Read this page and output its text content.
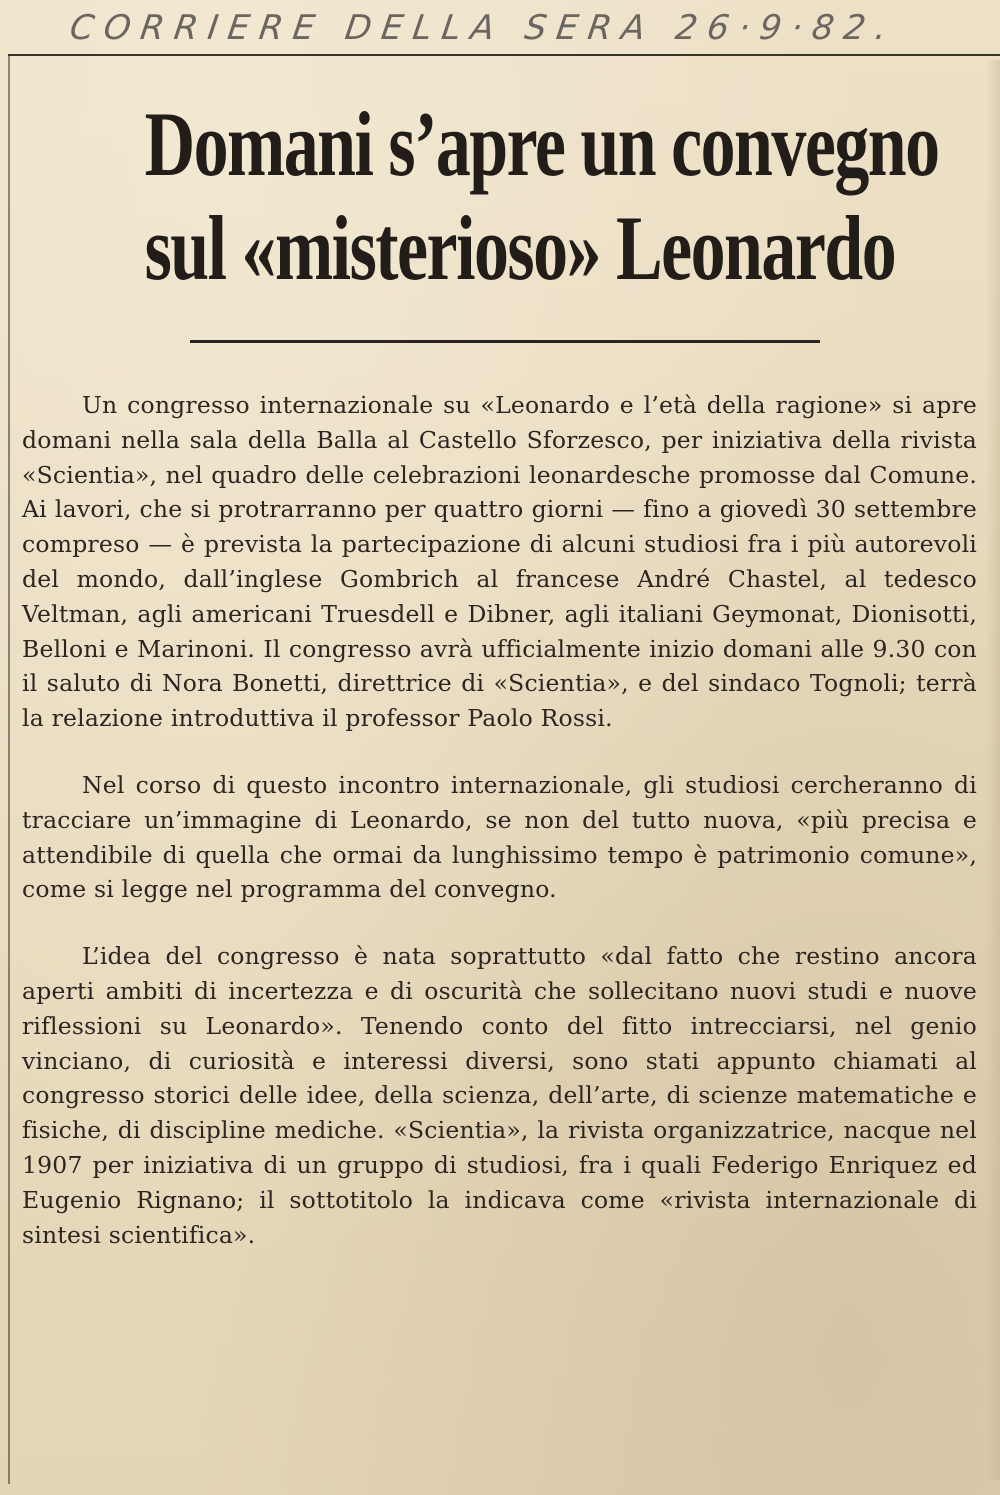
CORRIERE DELLA SERA 26·9·82.
Domani s’apre un convegno
sul «misterioso» Leonardo

Un congresso internazionale su «Leonardo e l’età della ragione» si apre domani nella sala della Balla al Castello Sforzesco, per iniziativa della rivista «Scientia», nel quadro delle celebrazioni leonardesche promosse dal Comune. Ai lavori, che si protrarranno per quattro giorni — fino a giovedì 30 settembre compreso — è prevista la partecipazione di alcuni studiosi fra i più autorevoli del mondo, dall’inglese Gombrich al francese André Chastel, al tedesco Veltman, agli americani Truesdell e Dibner, agli italiani Geymonat, Dionisotti, Belloni e Marinoni. Il congresso avrà ufficialmente inizio domani alle 9.30 con il saluto di Nora Bonetti, direttrice di «Scientia», e del sindaco Tognoli; terrà la relazione introduttiva il professor Paolo Rossi.

Nel corso di questo incontro internazionale, gli studiosi cercheranno di tracciare un’immagine di Leonardo, se non del tutto nuova, «più precisa e attendibile di quella che ormai da lunghissimo tempo è patrimonio comune», come si legge nel programma del convegno.

L’idea del congresso è nata soprattutto «dal fatto che restino ancora aperti ambiti di incertezza e di oscurità che sollecitano nuovi studi e nuove riflessioni su Leonardo». Tenendo conto del fitto intrecciarsi, nel genio vinciano, di curiosità e interessi diversi, sono stati appunto chiamati al congresso storici delle idee, della scienza, dell’arte, di scienze matematiche e fisiche, di discipline mediche. «Scientia», la rivista organizzatrice, nacque nel 1907 per iniziativa di un gruppo di studiosi, fra i quali Federigo Enriquez ed Eugenio Rignano; il sottotitolo la indicava come «rivista internazionale di sintesi scientifica».
